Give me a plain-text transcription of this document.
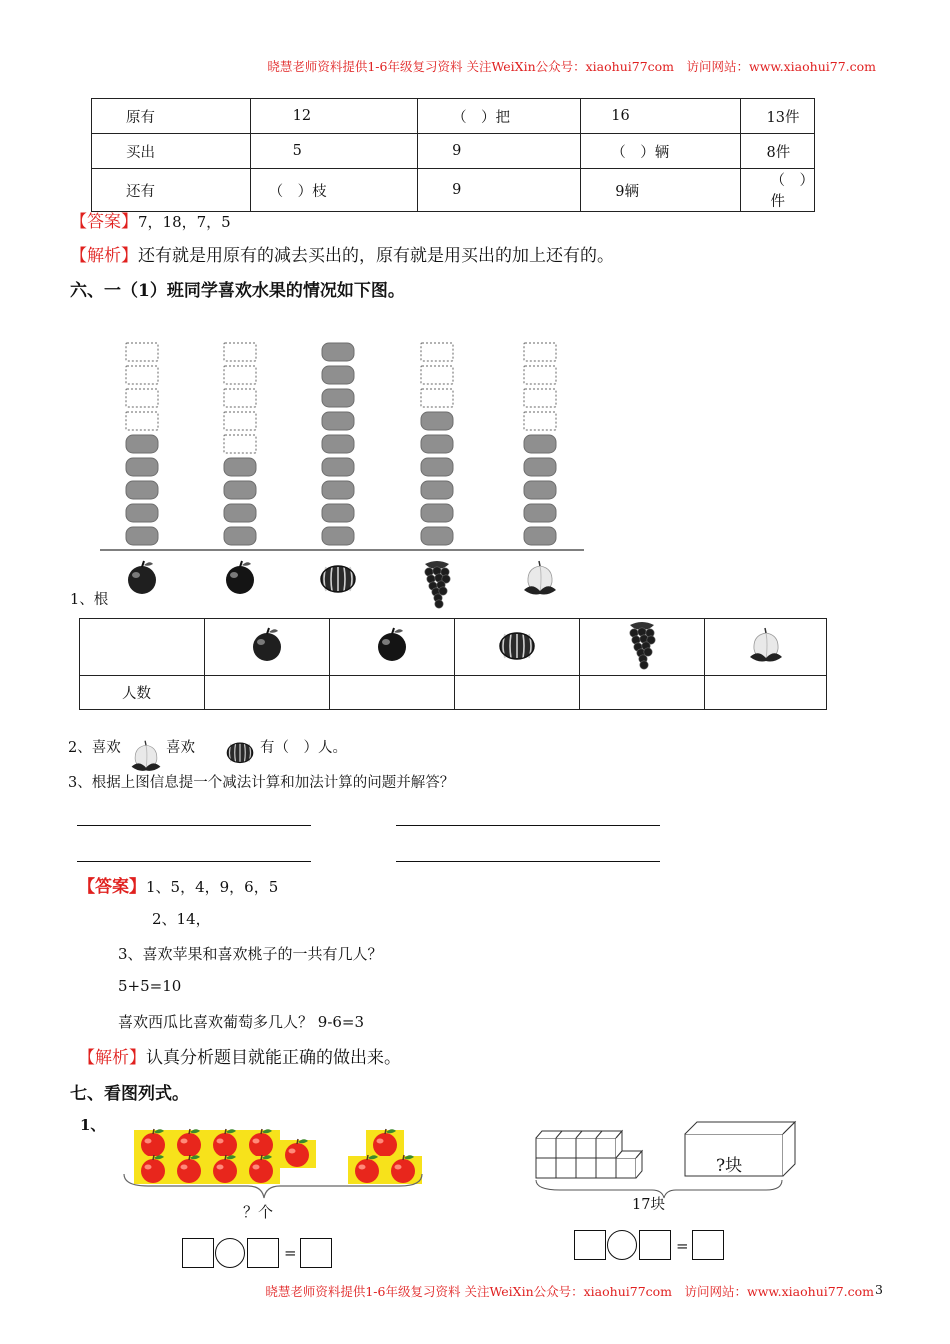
晓慧老师资料提供1-6年级复习资料 关注WeiXin公众号：xiaohui77com　访问网站：www.xiaohui77.com
原有	12	（　）把	16	13件
买出	5	9	（　）辆	8件
还有	（　）枝	9	9辆	（　）件
【答案】7，18，7，5
【解析】还有就是用原有的减去买出的，原有就是用买出的加上还有的。
六、一（1）班同学喜欢水果的情况如下图。
1、根

人数					
2、喜欢	喜欢	有（　）人。
3、根据上图信息提一个减法计算和加法计算的问题并解答？
【答案】1、5，4，9，6，5
2、14，
3、喜欢苹果和喜欢桃子的一共有几人？
5+5=10
喜欢西瓜比喜欢葡萄多几人？ 9-6=3
【解析】认真分析题目就能正确的做出来。
七、看图列式。
1、
？个
=
?块
17块
=
晓慧老师资料提供1-6年级复习资料 关注WeiXin公众号：xiaohui77com　访问网站：www.xiaohui77.com 3
